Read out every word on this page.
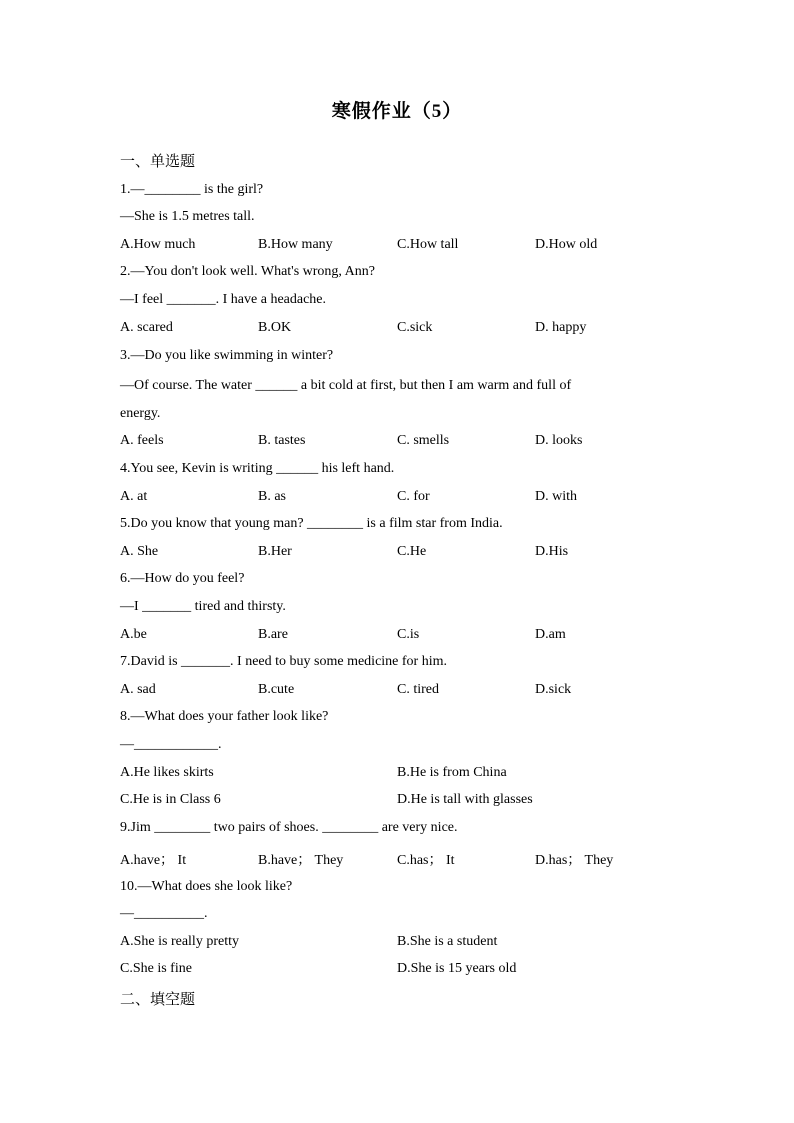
寒假作业（5）
一、单选题
1.—________ is the girl?
—She is 1.5 metres tall.
A.How much	B.How many	C.How tall	D.How old
2.—You don't look well. What's wrong, Ann?
—I feel _______. I have a headache.
A. scared	B.OK	C.sick	D. happy
3.—Do you like swimming in winter?
—Of course. The water ______ a bit cold at first, but then I am warm and full of
energy.
A. feels	B. tastes	C. smells	D. looks
4.You see, Kevin is writing ______ his left hand.
A. at	B. as	C. for	D. with
5.Do you know that young man? ________ is a film star from India.
A. She	B.Her	C.He	D.His
6.—How do you feel?
—I _______ tired and thirsty.
A.be	B.are	C.is	D.am
7.David is _______. I need to buy some medicine for him.
A. sad	B.cute	C. tired	D.sick
8.—What does your father look like?
—____________.
A.He likes skirts	B.He is from China
C.He is in Class 6	D.He is tall with glasses
9.Jim ________ two pairs of shoes. ________ are very nice.
A.have； It	B.have； They	C.has； It	D.has； They
10.—What does she look like?
—__________.
A.She is really pretty	B.She is a student
C.She is fine	D.She is 15 years old
二、填空题
